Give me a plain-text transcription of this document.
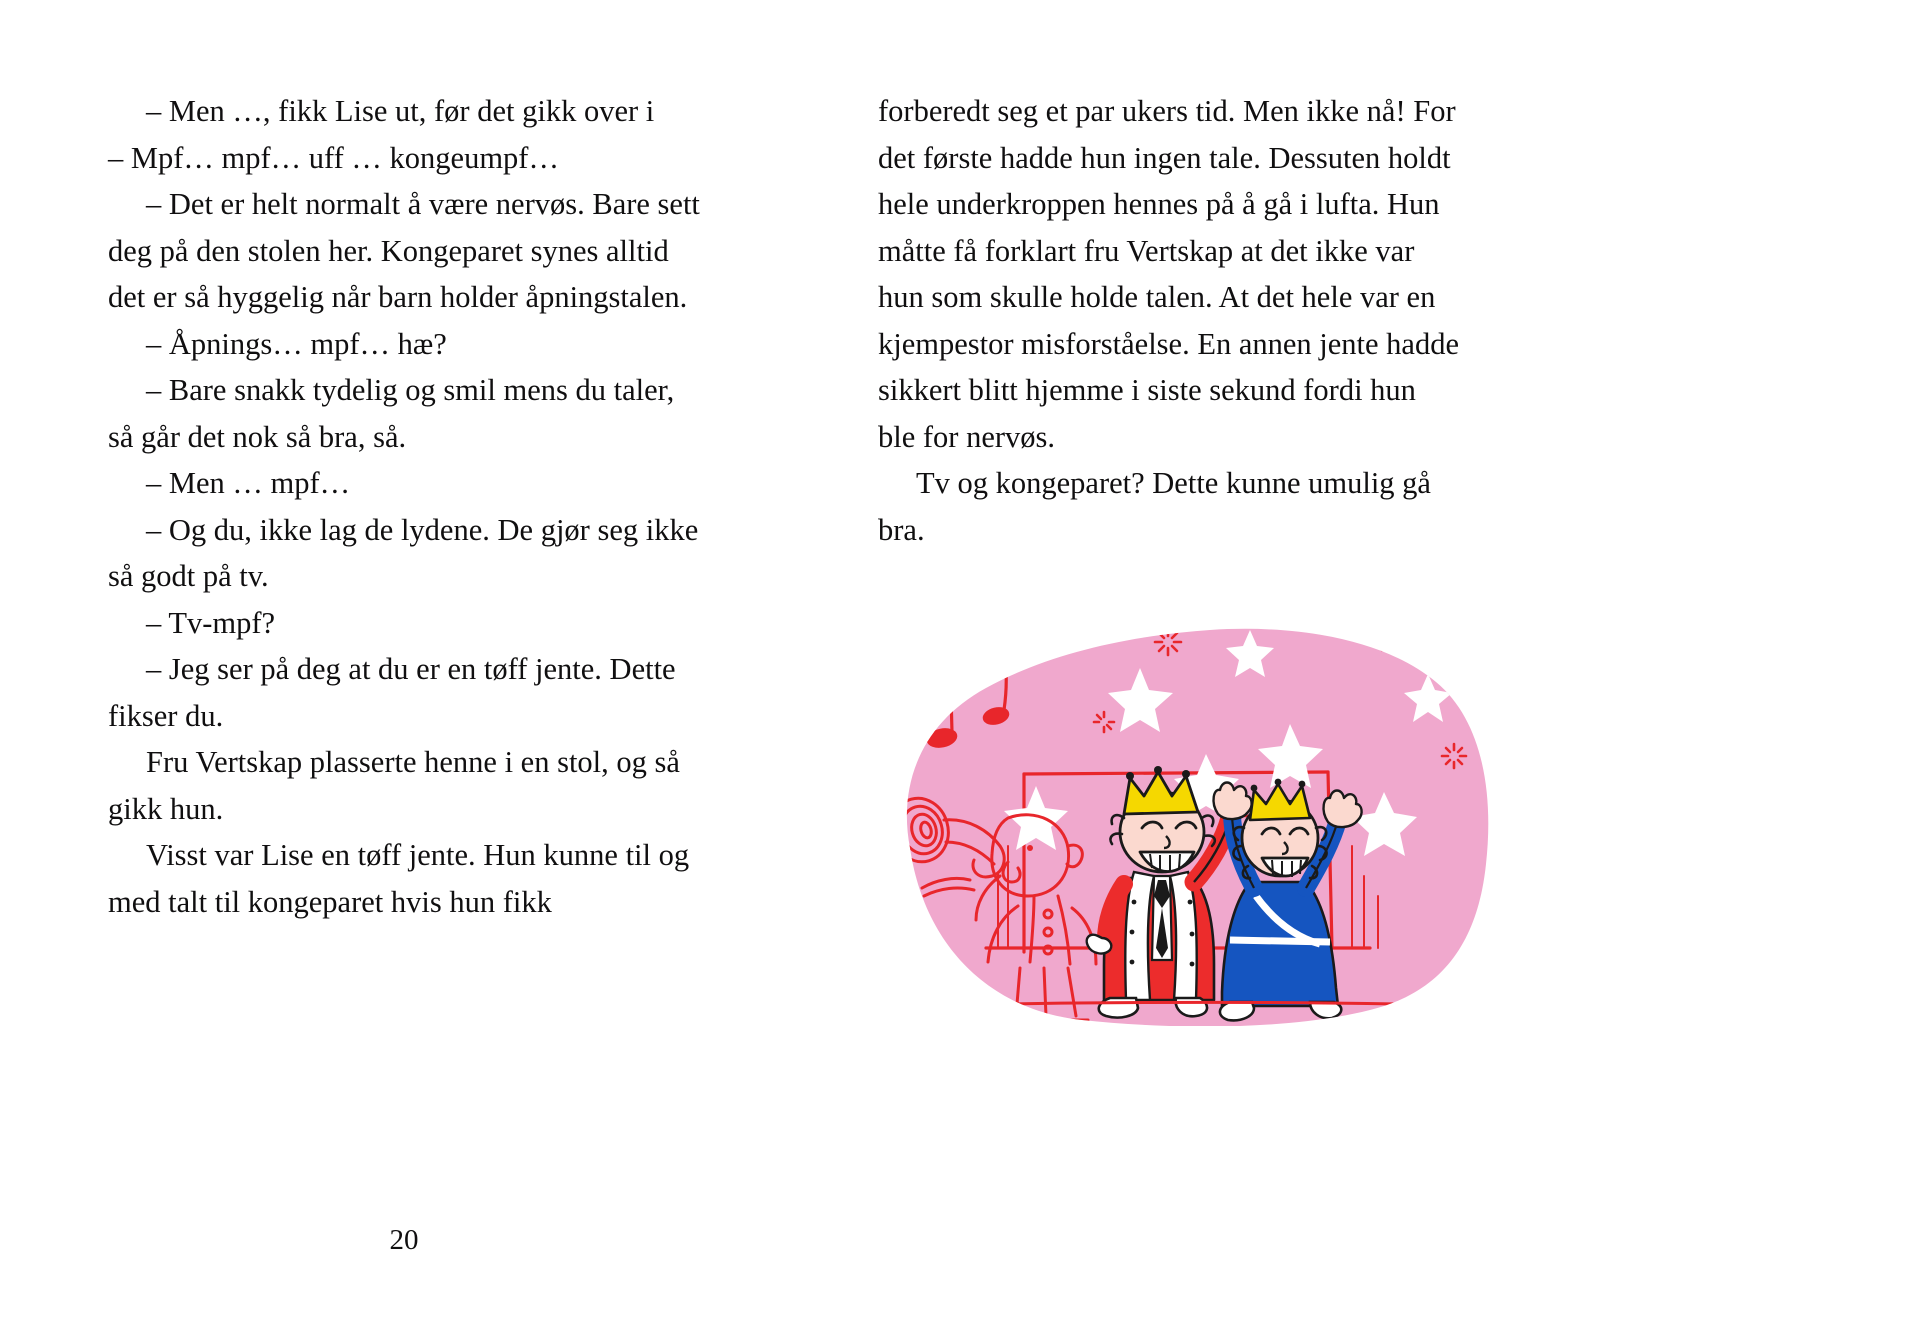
– Men …, fikk Lise ut, før det gikk over i

– Mpf… mpf… uff … kongeumpf…

– Det er helt normalt å være nervøs. Bare sett deg på den stolen her. Kongeparet synes alltid det er så hyggelig når barn holder åpningstalen.

– Åpnings… mpf… hæ?

– Bare snakk tydelig og smil mens du taler, så går det nok så bra, så.

– Men … mpf…

– Og du, ikke lag de lydene. De gjør seg ikke så godt på tv.

– Tv-mpf?

– Jeg ser på deg at du er en tøff jente. Dette fikser du.

Fru Vertskap plasserte henne i en stol, og så gikk hun.

Visst var Lise en tøff jente. Hun kunne til og med talt til kongeparet hvis hun fikk

20

forberedt seg et par ukers tid. Men ikke nå! For det første hadde hun ingen tale. Dessuten holdt hele underkroppen hennes på å gå i lufta. Hun måtte få forklart fru Vertskap at det ikke var hun som skulle holde talen. At det hele var en kjempestor misforståelse. En annen jente hadde sikkert blitt hjemme i siste sekund fordi hun ble for nervøs.

Tv og kongeparet? Dette kunne umulig gå bra.
